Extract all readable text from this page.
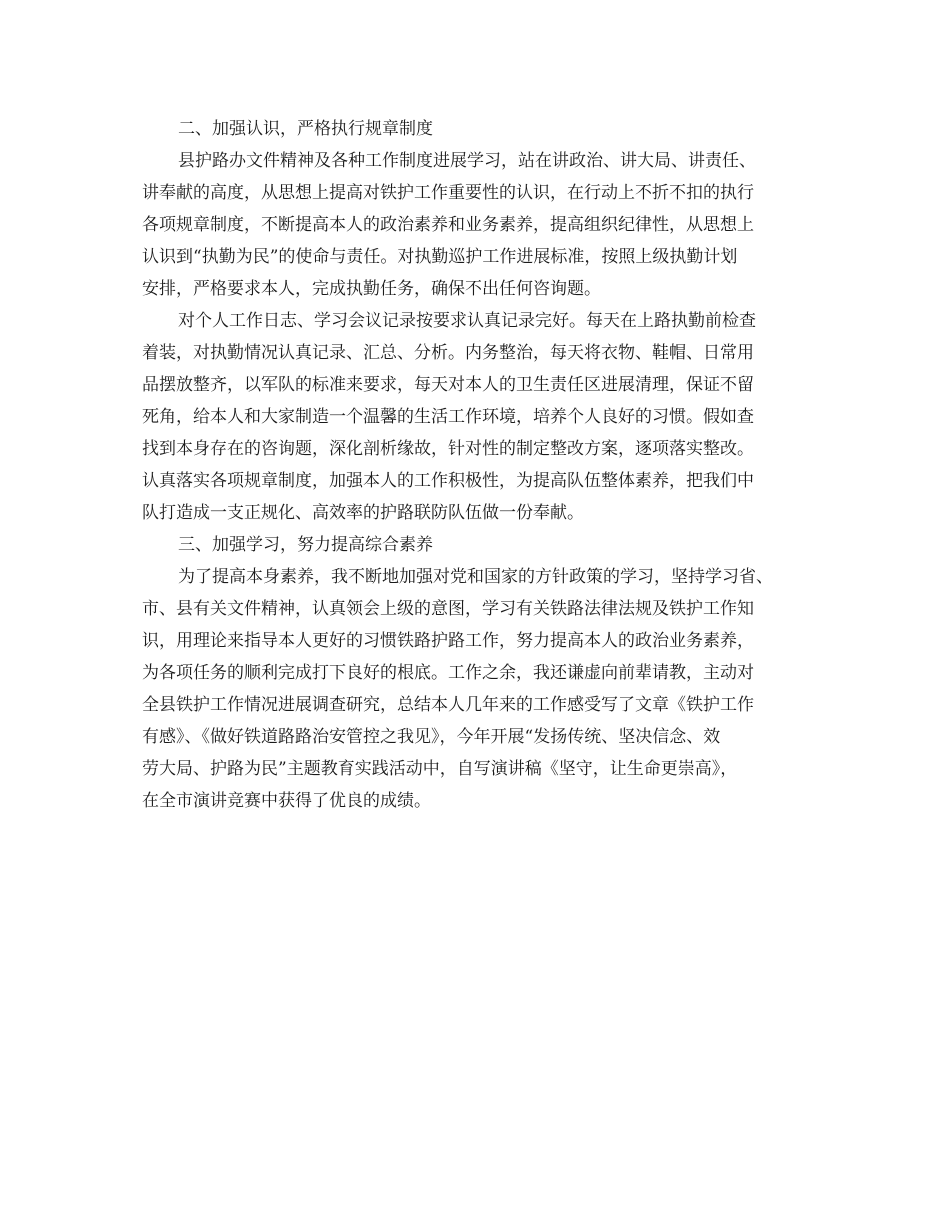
二、加强认识，严格执行规章制度
县护路办文件精神及各种工作制度进展学习，站在讲政治、讲大局、讲责任、
讲奉献的高度，从思想上提高对铁护工作重要性的认识，在行动上不折不扣的执行
各项规章制度，不断提高本人的政治素养和业务素养，提高组织纪律性，从思想上
认识到“执勤为民”的使命与责任。对执勤巡护工作进展标准，按照上级执勤计划
安排，严格要求本人，完成执勤任务，确保不出任何咨询题。
对个人工作日志、学习会议记录按要求认真记录完好。每天在上路执勤前检查
着装，对执勤情况认真记录、汇总、分析。内务整治，每天将衣物、鞋帽、日常用
品摆放整齐，以军队的标准来要求，每天对本人的卫生责任区进展清理，保证不留
死角，给本人和大家制造一个温馨的生活工作环境，培养个人良好的习惯。假如查
找到本身存在的咨询题，深化剖析缘故，针对性的制定整改方案，逐项落实整改。
认真落实各项规章制度，加强本人的工作积极性，为提高队伍整体素养，把我们中
队打造成一支正规化、高效率的护路联防队伍做一份奉献。
三、加强学习，努力提高综合素养
为了提高本身素养，我不断地加强对党和国家的方针政策的学习，坚持学习省、
市、县有关文件精神，认真领会上级的意图，学习有关铁路法律法规及铁护工作知
识，用理论来指导本人更好的习惯铁路护路工作，努力提高本人的政治业务素养，
为各项任务的顺利完成打下良好的根底。工作之余，我还谦虚向前辈请教，主动对
全县铁护工作情况进展调查研究，总结本人几年来的工作感受写了文章《铁护工作
有感》、《做好铁道路路治安管控之我见》，今年开展“发扬传统、坚决信念、效
劳大局、护路为民”主题教育实践活动中，自写演讲稿《坚守，让生命更崇高》，
在全市演讲竞赛中获得了优良的成绩。
